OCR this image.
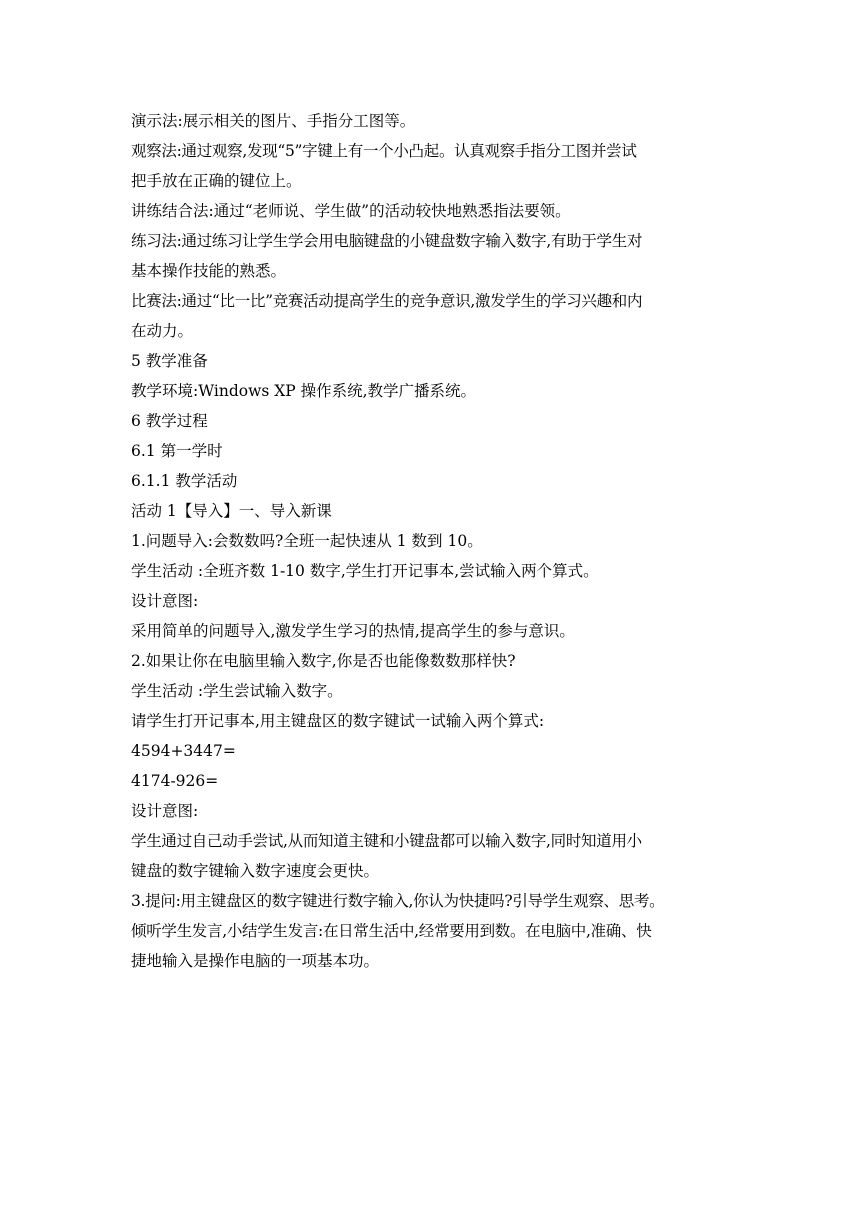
演示法:展示相关的图片、手指分工图等。
观察法:通过观察,发现“5”字键上有一个小凸起。认真观察手指分工图并尝试
把手放在正确的键位上。
讲练结合法:通过“老师说、学生做”的活动较快地熟悉指法要领。
练习法:通过练习让学生学会用电脑键盘的小键盘数字输入数字,有助于学生对
基本操作技能的熟悉。
比赛法:通过“比一比”竞赛活动提高学生的竞争意识,激发学生的学习兴趣和内
在动力。
5 教学准备
教学环境:Windows XP 操作系统,教学广播系统。
6 教学过程
6.1 第一学时
6.1.1 教学活动
活动 1【导入】一、导入新课
1.问题导入:会数数吗?全班一起快速从 1 数到 10。
学生活动 :全班齐数 1-10 数字,学生打开记事本,尝试输入两个算式。
设计意图:
采用简单的问题导入,激发学生学习的热情,提高学生的参与意识。
2.如果让你在电脑里输入数字,你是否也能像数数那样快?
学生活动 :学生尝试输入数字。
请学生打开记事本,用主键盘区的数字键试一试输入两个算式:
4594+3447=
4174-926=
设计意图:
学生通过自己动手尝试,从而知道主键和小键盘都可以输入数字,同时知道用小
键盘的数字键输入数字速度会更快。
3.提问:用主键盘区的数字键进行数字输入,你认为快捷吗?引导学生观察、思考。
倾听学生发言,小结学生发言:在日常生活中,经常要用到数。在电脑中,准确、快
捷地输入是操作电脑的一项基本功。
